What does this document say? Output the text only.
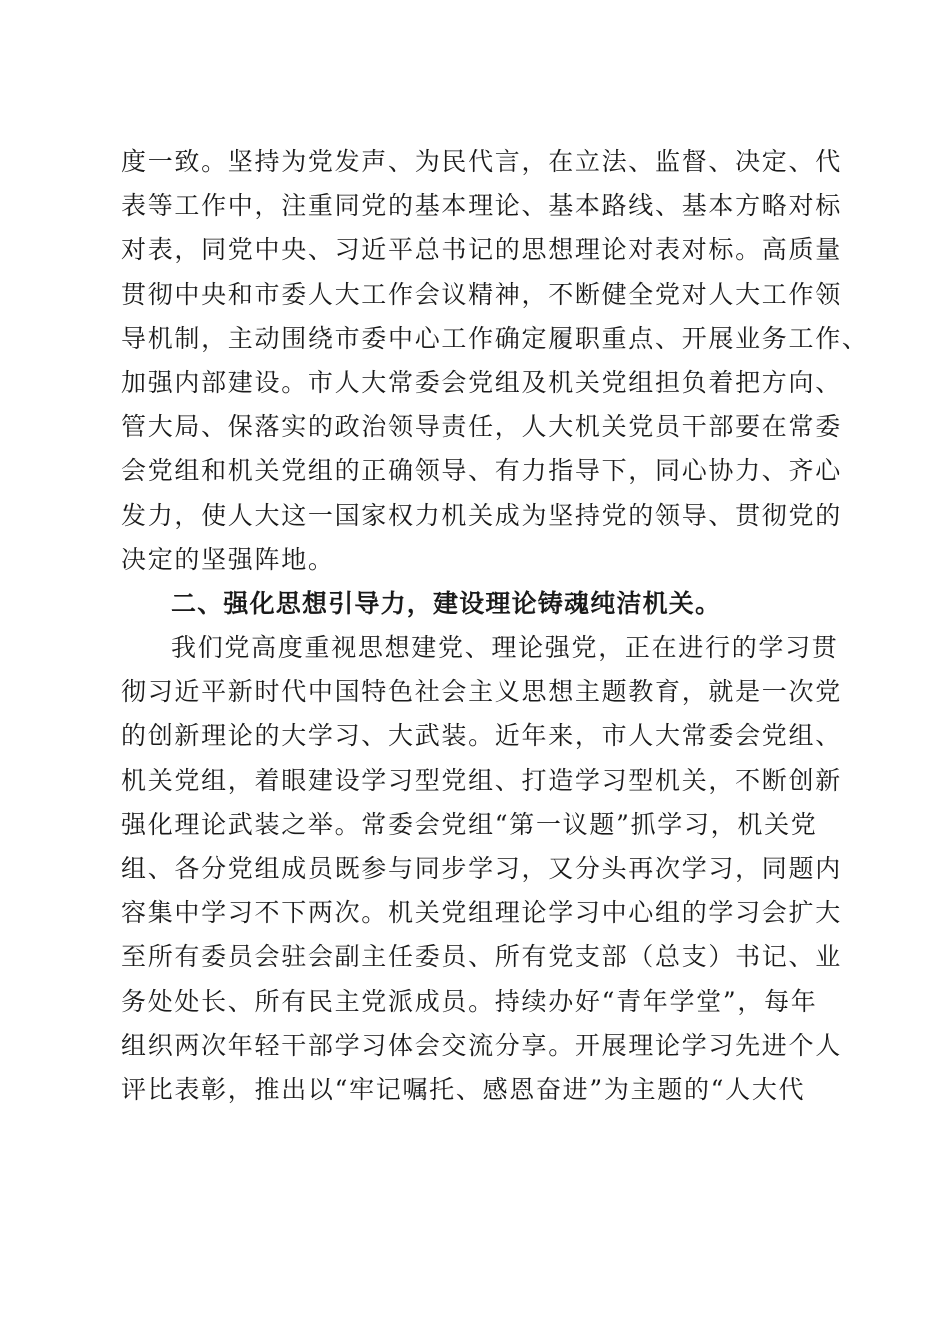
度一致。坚持为党发声、为民代言，在立法、监督、决定、代
表等工作中，注重同党的基本理论、基本路线、基本方略对标
对表，同党中央、习近平总书记的思想理论对表对标。高质量
贯彻中央和市委人大工作会议精神，不断健全党对人大工作领
导机制，主动围绕市委中心工作确定履职重点、开展业务工作、
加强内部建设。市人大常委会党组及机关党组担负着把方向、
管大局、保落实的政治领导责任，人大机关党员干部要在常委
会党组和机关党组的正确领导、有力指导下，同心协力、齐心
发力，使人大这一国家权力机关成为坚持党的领导、贯彻党的
决定的坚强阵地。
二、强化思想引导力，建设理论铸魂纯洁机关。
我们党高度重视思想建党、理论强党，正在进行的学习贯
彻习近平新时代中国特色社会主义思想主题教育，就是一次党
的创新理论的大学习、大武装。近年来，市人大常委会党组、
机关党组，着眼建设学习型党组、打造学习型机关，不断创新
强化理论武装之举。常委会党组“第一议题”抓学习，机关党
组、各分党组成员既参与同步学习，又分头再次学习，同题内
容集中学习不下两次。机关党组理论学习中心组的学习会扩大
至所有委员会驻会副主任委员、所有党支部（总支）书记、业
务处处长、所有民主党派成员。持续办好“青年学堂”，每年
组织两次年轻干部学习体会交流分享。开展理论学习先进个人
评比表彰，推出以“牢记嘱托、感恩奋进”为主题的“人大代
